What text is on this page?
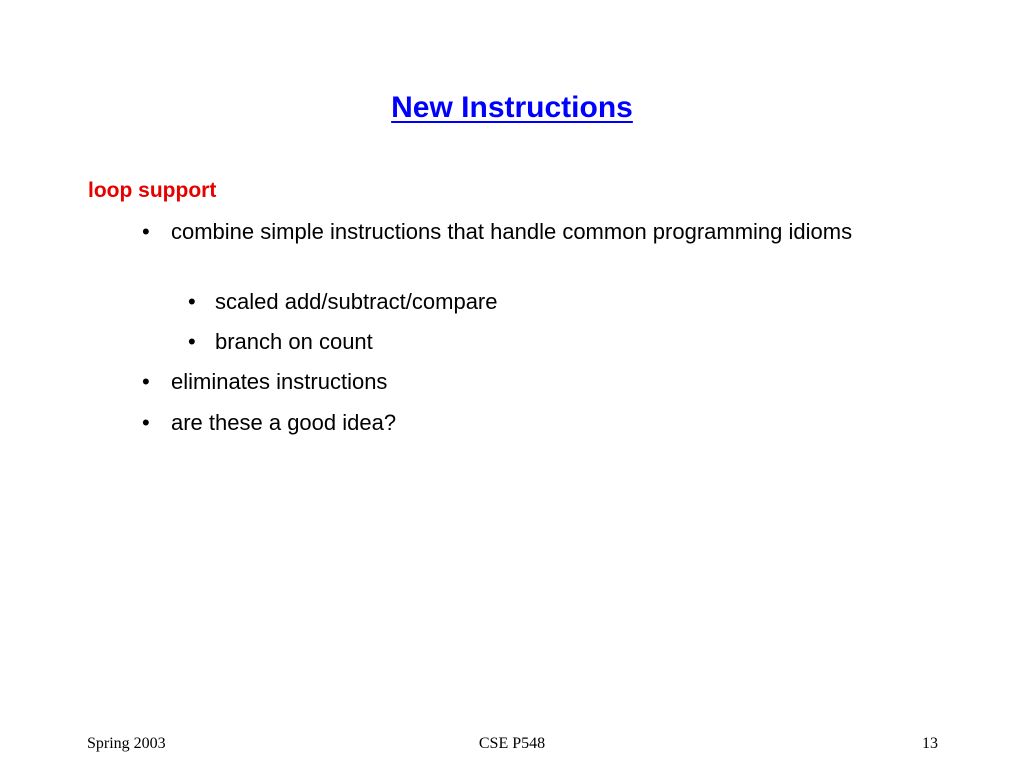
New Instructions

loop support

• combine simple instructions that handle common programming idioms
• scaled add/subtract/compare
• branch on count
• eliminates instructions
• are these a good idea?

Spring 2003	CSE P548	13
